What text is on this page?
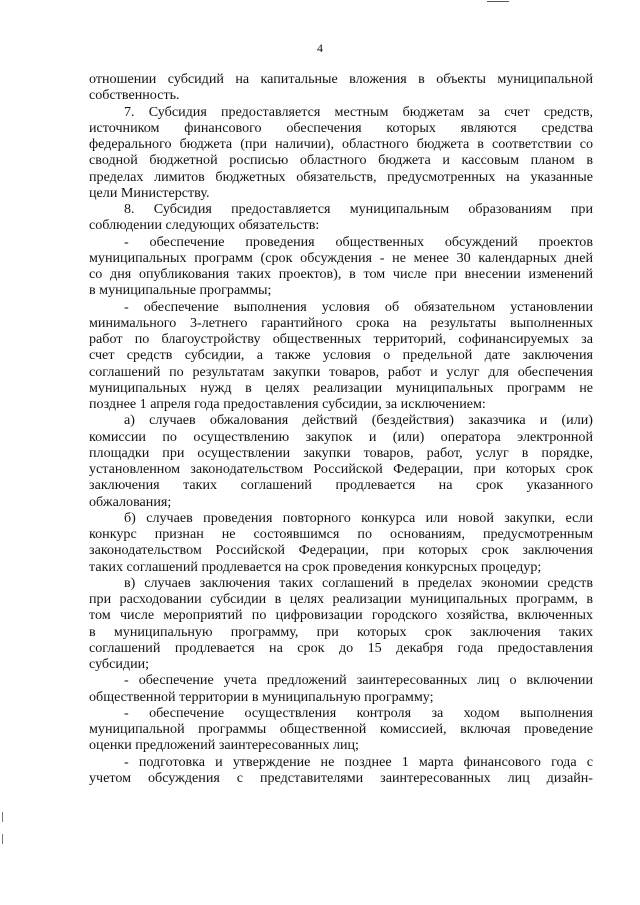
4

отношении субсидий на капитальные вложения в объекты муниципальной

собственность.

7. Субсидия предоставляется местным бюджетам за счет средств,

источником финансового обеспечения которых являются средства

федерального бюджета (при наличии), областного бюджета в соответствии со

сводной бюджетной росписью областного бюджета и кассовым планом в

пределах лимитов бюджетных обязательств, предусмотренных на указанные

цели Министерству.

8. Субсидия предоставляется муниципальным образованиям при

соблюдении следующих обязательств:

- обеспечение проведения общественных обсуждений проектов

муниципальных программ (срок обсуждения - не менее 30 календарных дней

со дня опубликования таких проектов), в том числе при внесении изменений

в муниципальные программы;

- обеспечение выполнения условия об обязательном установлении

минимального 3-летнего гарантийного срока на результаты выполненных

работ по благоустройству общественных территорий, софинансируемых за

счет средств субсидии, а также условия о предельной дате заключения

соглашений по результатам закупки товаров, работ и услуг для обеспечения

муниципальных нужд в целях реализации муниципальных программ не

позднее 1 апреля года предоставления субсидии, за исключением:

а) случаев обжалования действий (бездействия) заказчика и (или)

комиссии по осуществлению закупок и (или) оператора электронной

площадки при осуществлении закупки товаров, работ, услуг в порядке,

установленном законодательством Российской Федерации, при которых срок

заключения таких соглашений продлевается на срок указанного

обжалования;

б) случаев проведения повторного конкурса или новой закупки, если

конкурс признан не состоявшимся по основаниям, предусмотренным

законодательством Российской Федерации, при которых срок заключения

таких соглашений продлевается на срок проведения конкурсных процедур;

в) случаев заключения таких соглашений в пределах экономии средств

при расходовании субсидии в целях реализации муниципальных программ, в

том числе мероприятий по цифровизации городского хозяйства, включенных

в муниципальную программу, при которых срок заключения таких

соглашений продлевается на срок до 15 декабря года предоставления

субсидии;

- обеспечение учета предложений заинтересованных лиц о включении

общественной территории в муниципальную программу;

- обеспечение осуществления контроля за ходом выполнения

муниципальной программы общественной комиссией, включая проведение

оценки предложений заинтересованных лиц;

- подготовка и утверждение не позднее 1 марта финансового года с

учетом обсуждения с представителями заинтересованных лиц дизайн-
